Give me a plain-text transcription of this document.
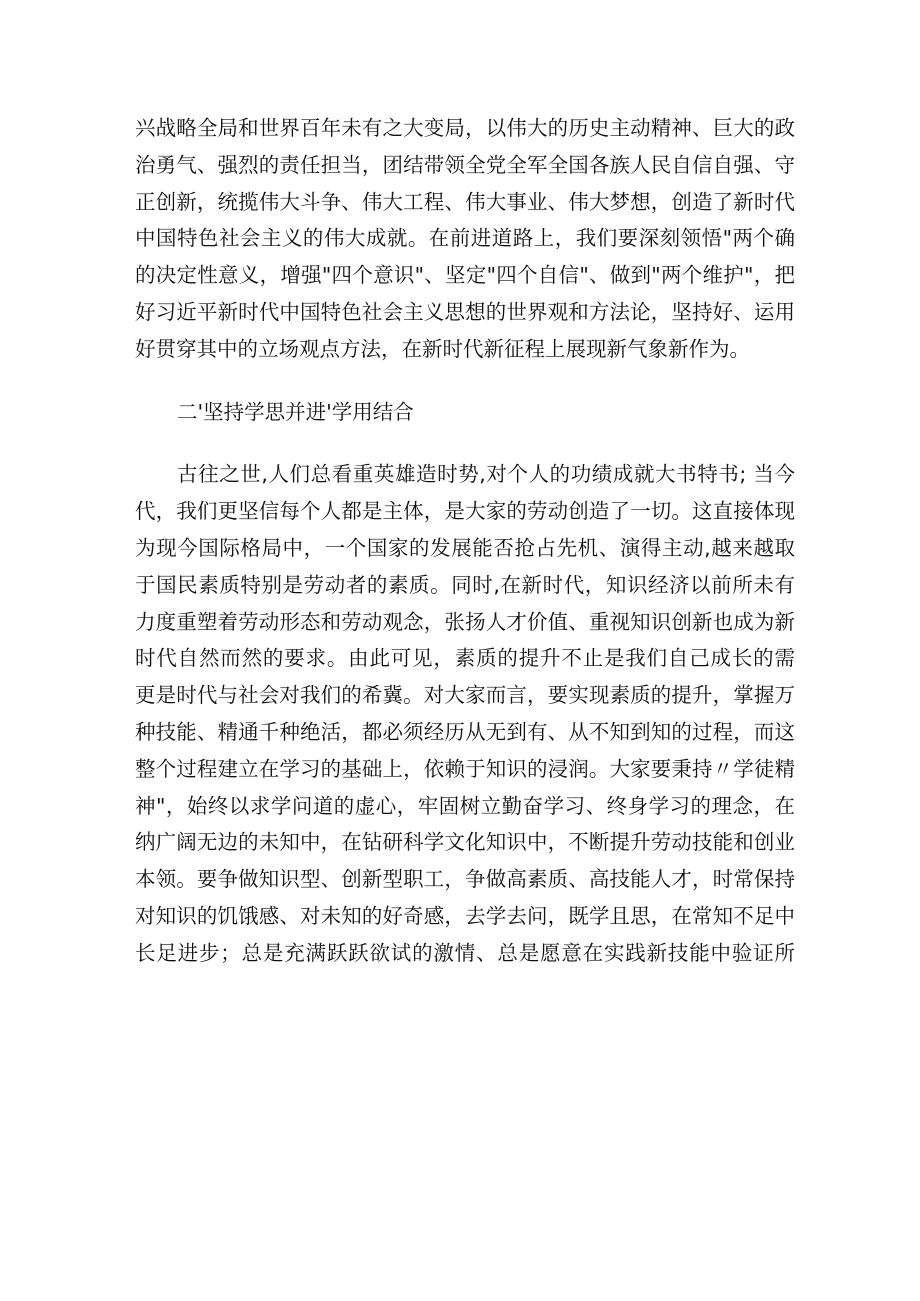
兴战略全局和世界百年未有之大变局，以伟大的历史主动精神、巨大的政
治勇气、强烈的责任担当，团结带领全党全军全国各族人民自信自强、守
正创新，统揽伟大斗争、伟大工程、伟大事业、伟大梦想，创造了新时代
中国特色社会主义的伟大成就。在前进道路上，我们要深刻领悟"两个确
的决定性意义，增强"四个意识"、坚定"四个自信"、做到"两个维护"，把
好习近平新时代中国特色社会主义思想的世界观和方法论，坚持好、运用
好贯穿其中的立场观点方法，在新时代新征程上展现新气象新作为。
二'坚持学思并进'学用结合
古往之世,人们总看重英雄造时势,对个人的功绩成就大书特书; 当今
代，我们更坚信每个人都是主体，是大家的劳动创造了一切。这直接体现
为现今国际格局中，一个国家的发展能否抢占先机、演得主动,越来越取
于国民素质特别是劳动者的素质。同时,在新时代，知识经济以前所未有
力度重塑着劳动形态和劳动观念，张扬人才价值、重视知识创新也成为新
时代自然而然的要求。由此可见，素质的提升不止是我们自己成长的需
更是时代与社会对我们的希冀。对大家而言，要实现素质的提升，掌握万
种技能、精通千种绝活，都必须经历从无到有、从不知到知的过程，而这
整个过程建立在学习的基础上，依赖于知识的浸润。大家要秉持〃学徒精
神"，始终以求学问道的虚心，牢固树立勤奋学习、终身学习的理念，在
纳广阔无边的未知中，在钻研科学文化知识中，不断提升劳动技能和创业
本领。要争做知识型、创新型职工，争做高素质、高技能人才，时常保持
对知识的饥饿感、对未知的好奇感，去学去问，既学且思，在常知不足中
长足进步；总是充满跃跃欲试的激情、总是愿意在实践新技能中验证所
